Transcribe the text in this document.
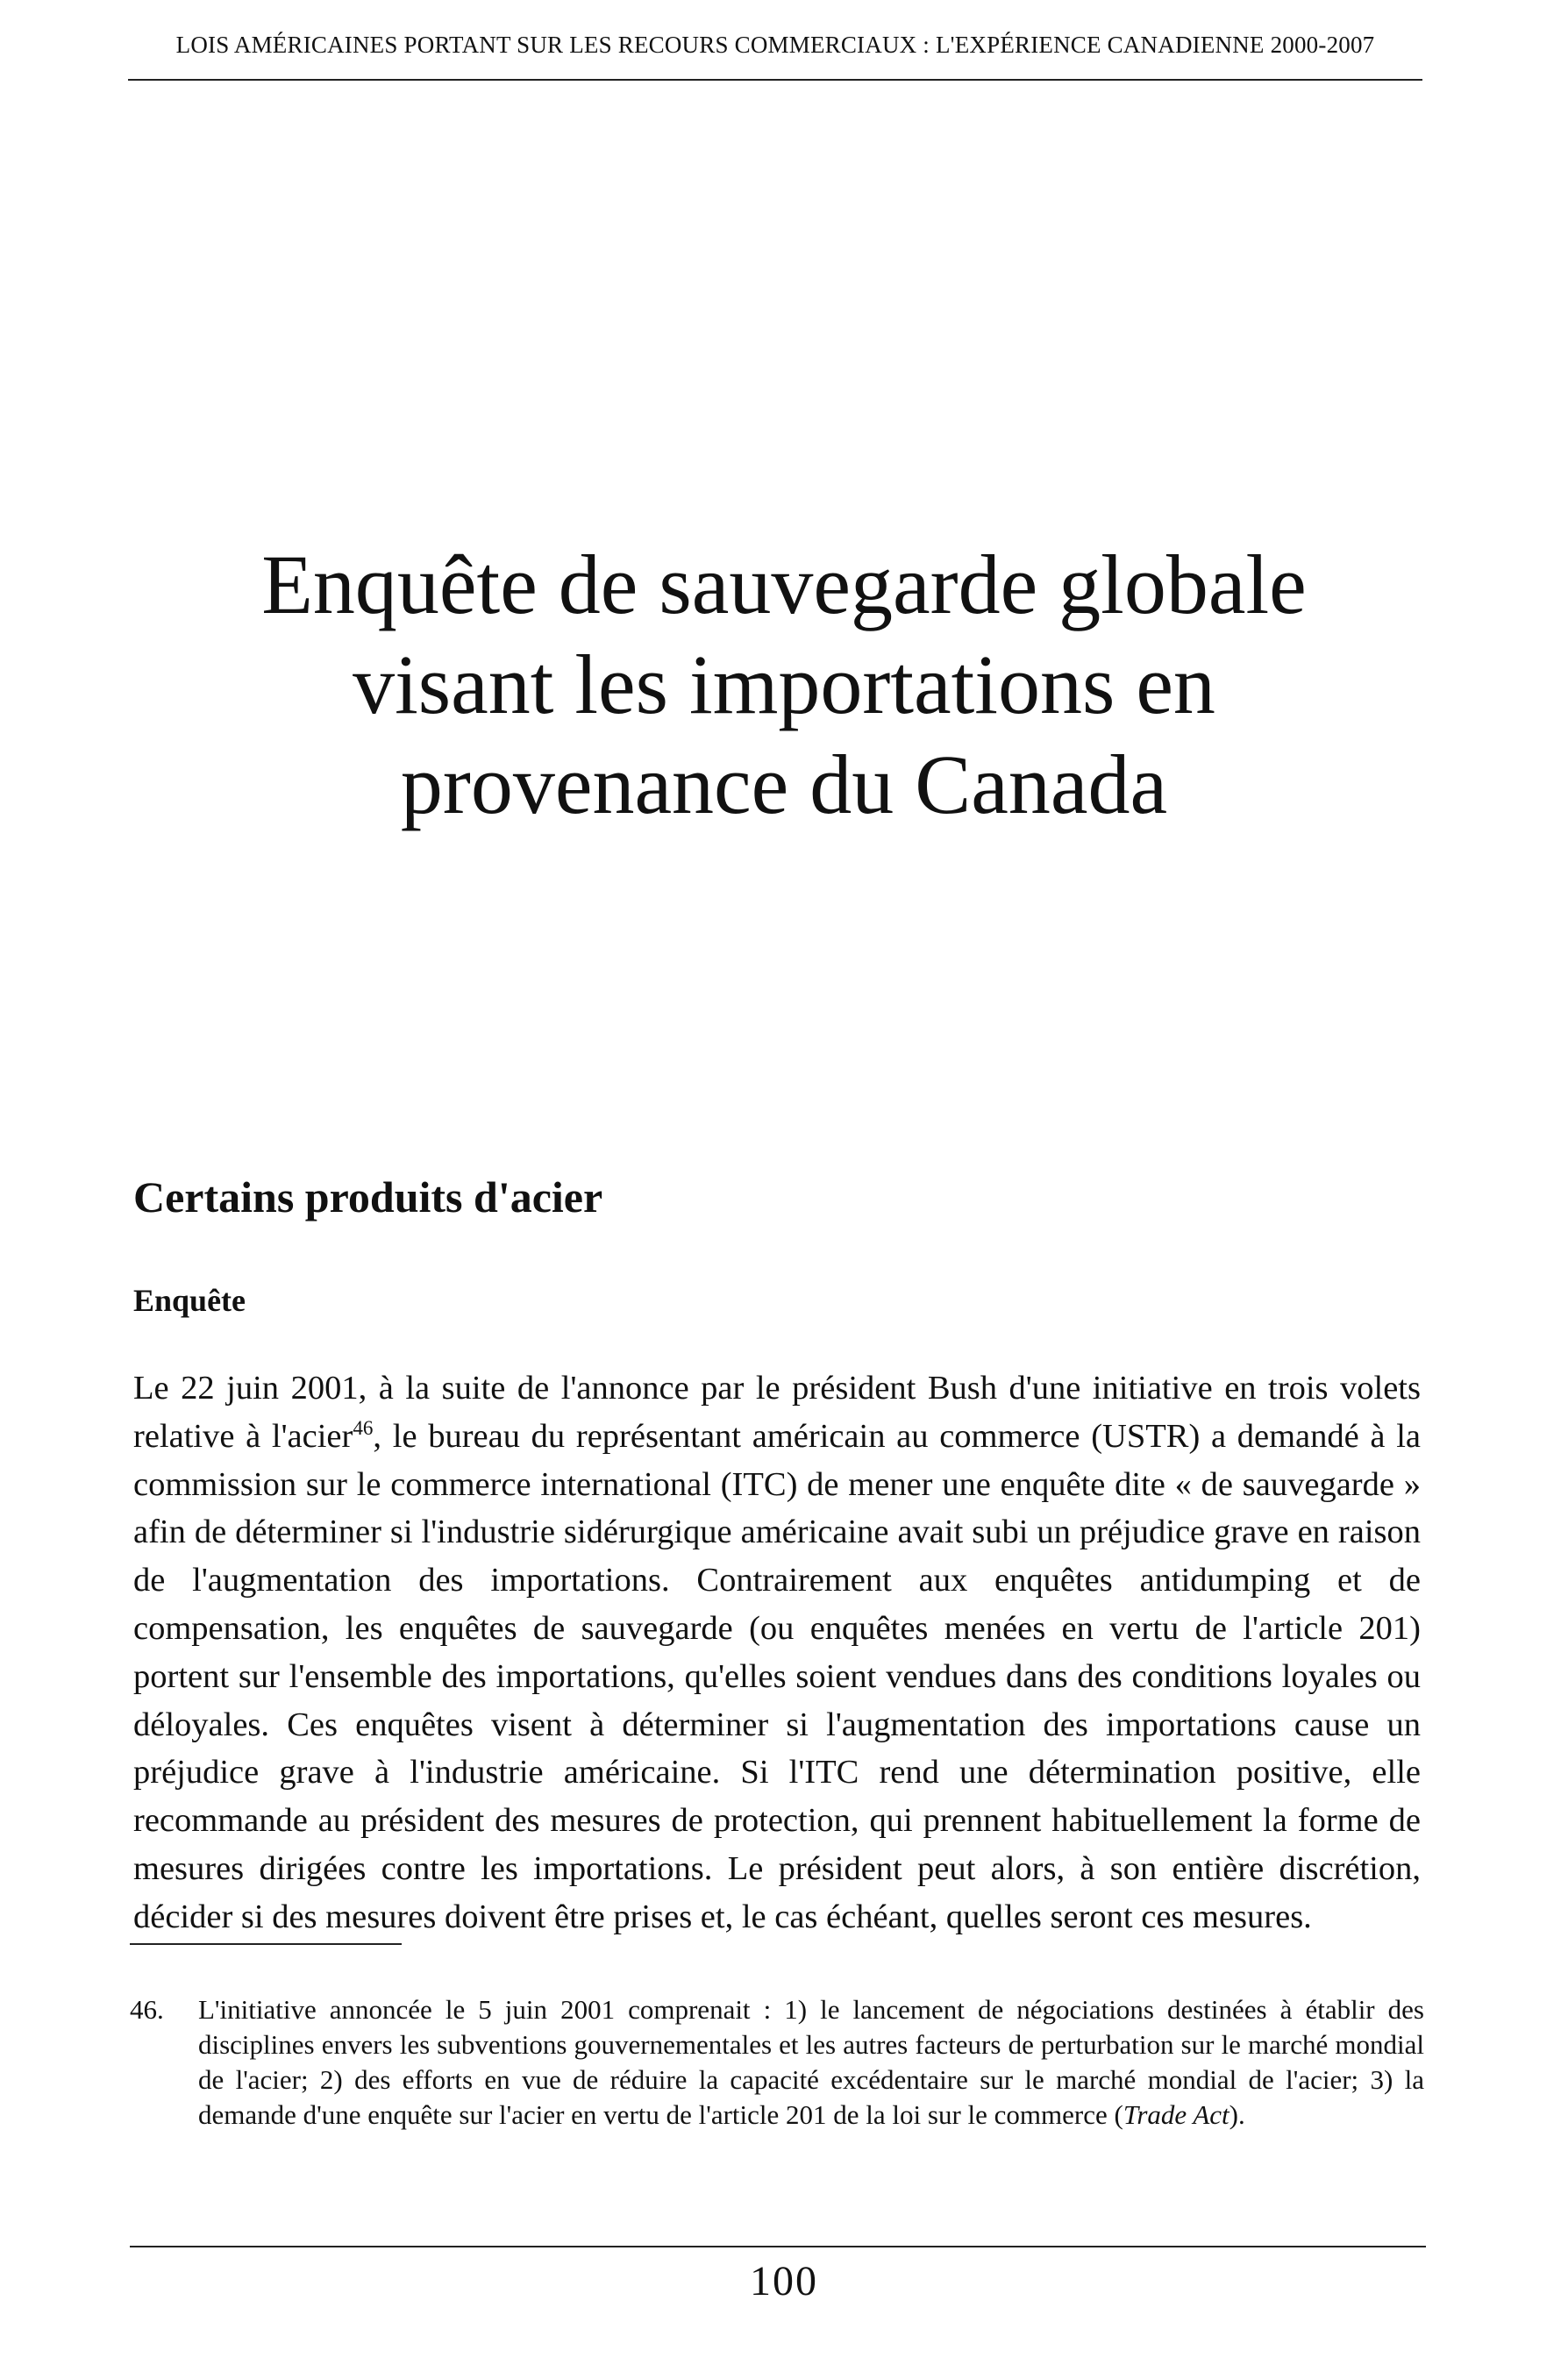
LOIS AMÉRICAINES PORTANT SUR LES RECOURS COMMERCIAUX : L'EXPÉRIENCE CANADIENNE 2000-2007
Enquête de sauvegarde globale
visant les importations en
provenance du Canada
Certains produits d'acier
Enquête
Le 22 juin 2001, à la suite de l'annonce par le président Bush d'une initiative en trois volets relative à l'acier$^{46}$, le bureau du représentant américain au commerce (USTR) a demandé à la commission sur le commerce international (ITC) de mener une enquête dite « de sauvegarde » afin de déterminer si l'industrie sidérurgique américaine avait subi un préjudice grave en raison de l'augmentation des importations. Contrairement aux enquêtes antidumping et de compensation, les enquêtes de sauvegarde (ou enquêtes menées en vertu de l'article 201) portent sur l'ensemble des importations, qu'elles soient vendues dans des conditions loyales ou déloyales. Ces enquêtes visent à déterminer si l'augmentation des importations cause un préjudice grave à l'industrie américaine. Si l'ITC rend une détermination positive, elle recommande au président des mesures de protection, qui prennent habituellement la forme de mesures dirigées contre les importations. Le président peut alors, à son entière discrétion, décider si des mesures doivent être prises et, le cas échéant, quelles seront ces mesures.
46. L'initiative annoncée le 5 juin 2001 comprenait : 1) le lancement de négociations destinées à établir des disciplines envers les subventions gouvernementales et les autres facteurs de perturbation sur le marché mondial de l'acier; 2) des efforts en vue de réduire la capacité excédentaire sur le marché mondial de l'acier; 3) la demande d'une enquête sur l'acier en vertu de l'article 201 de la loi sur le commerce (Trade Act).
100
